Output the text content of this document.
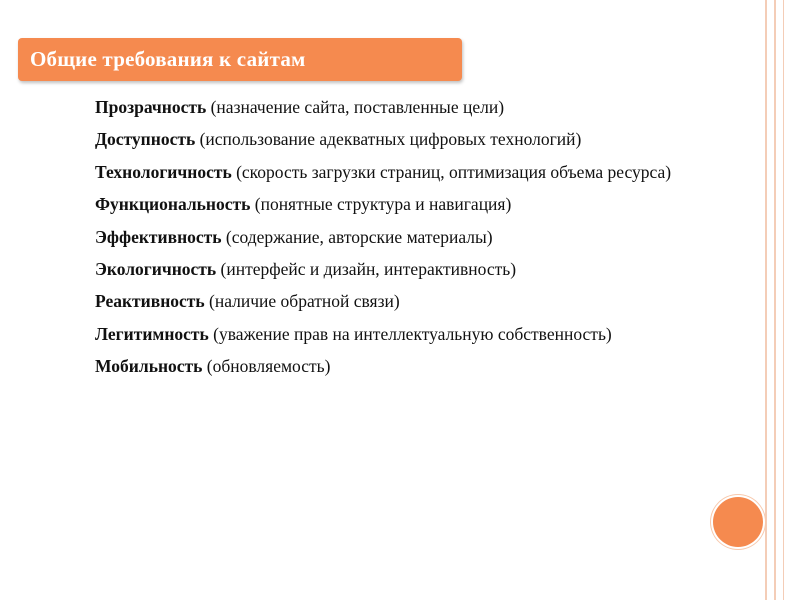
Общие требования к сайтам
Прозрачность (назначение сайта, поставленные цели)
Доступность (использование адекватных цифровых технологий)
Технологичность (скорость загрузки страниц, оптимизация объема ресурса)
Функциональность (понятные структура и навигация)
Эффективность (содержание, авторские материалы)
Экологичность (интерфейс и дизайн, интерактивность)
Реактивность (наличие обратной связи)
Легитимность (уважение прав на интеллектуальную собственность)
Мобильность (обновляемость)
